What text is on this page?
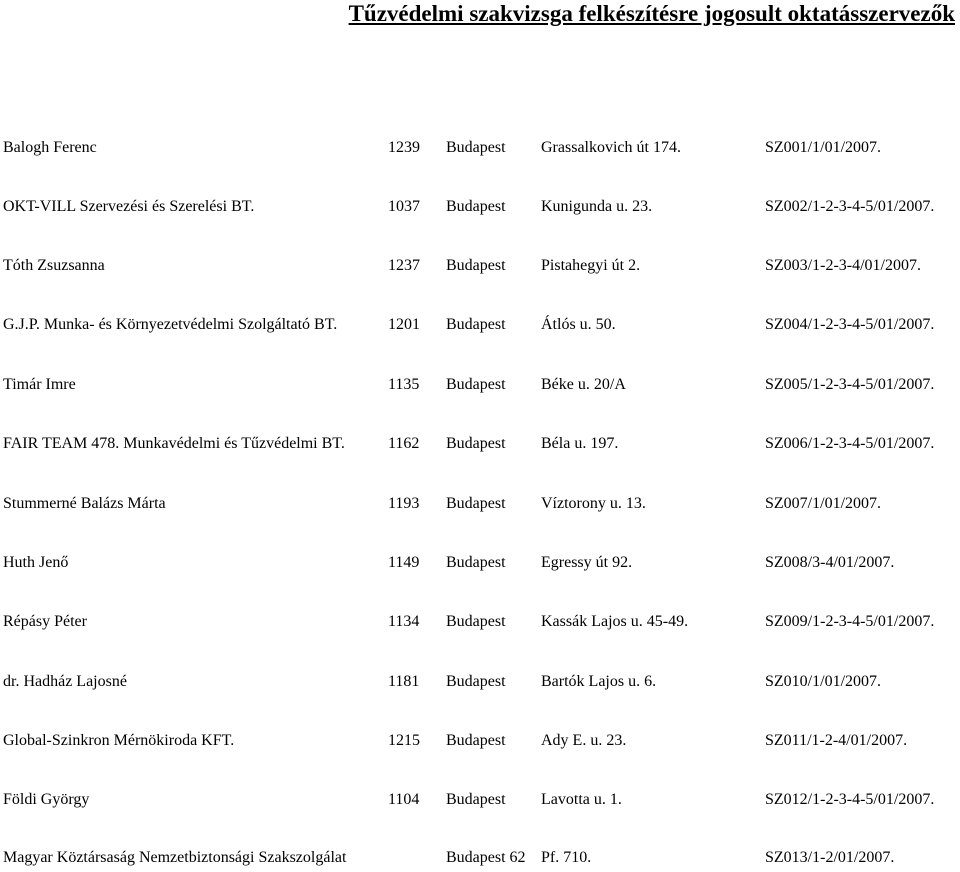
Tűzvédelmi szakvizsga felkészítésre jogosult oktatásszervezők
Balogh Ferenc	1239 Budapest Grassalkovich út 174.	SZ001/1/01/2007.
OKT-VILL Szervezési és Szerelési BT.	1037 Budapest Kunigunda u. 23.	SZ002/1-2-3-4-5/01/2007.
Tóth Zsuzsanna	1237 Budapest Pistahegyi út 2.	SZ003/1-2-3-4/01/2007.
G.J.P. Munka- és Környezetvédelmi Szolgáltató BT.	1201 Budapest Átlós u. 50.	SZ004/1-2-3-4-5/01/2007.
Timár Imre	1135 Budapest Béke u. 20/A	SZ005/1-2-3-4-5/01/2007.
FAIR TEAM 478. Munkavédelmi és Tűzvédelmi BT.	1162 Budapest Béla u. 197.	SZ006/1-2-3-4-5/01/2007.
Stummerné Balázs Márta	1193 Budapest Víztorony u. 13.	SZ007/1/01/2007.
Huth Jenő	1149 Budapest Egressy út 92.	SZ008/3-4/01/2007.
Répásy Péter	1134 Budapest Kassák Lajos u. 45-49.	SZ009/1-2-3-4-5/01/2007.
dr. Hadház Lajosné	1181 Budapest Bartók Lajos u. 6.	SZ010/1/01/2007.
Global-Szinkron Mérnökiroda KFT.	1215 Budapest Ady E. u. 23.	SZ011/1-2-4/01/2007.
Földi György	1104 Budapest Lavotta u. 1.	SZ012/1-2-3-4-5/01/2007.
Magyar Köztársaság Nemzetbiztonsági Szakszolgálat	Budapest 62 Pf. 710.	SZ013/1-2/01/2007.
